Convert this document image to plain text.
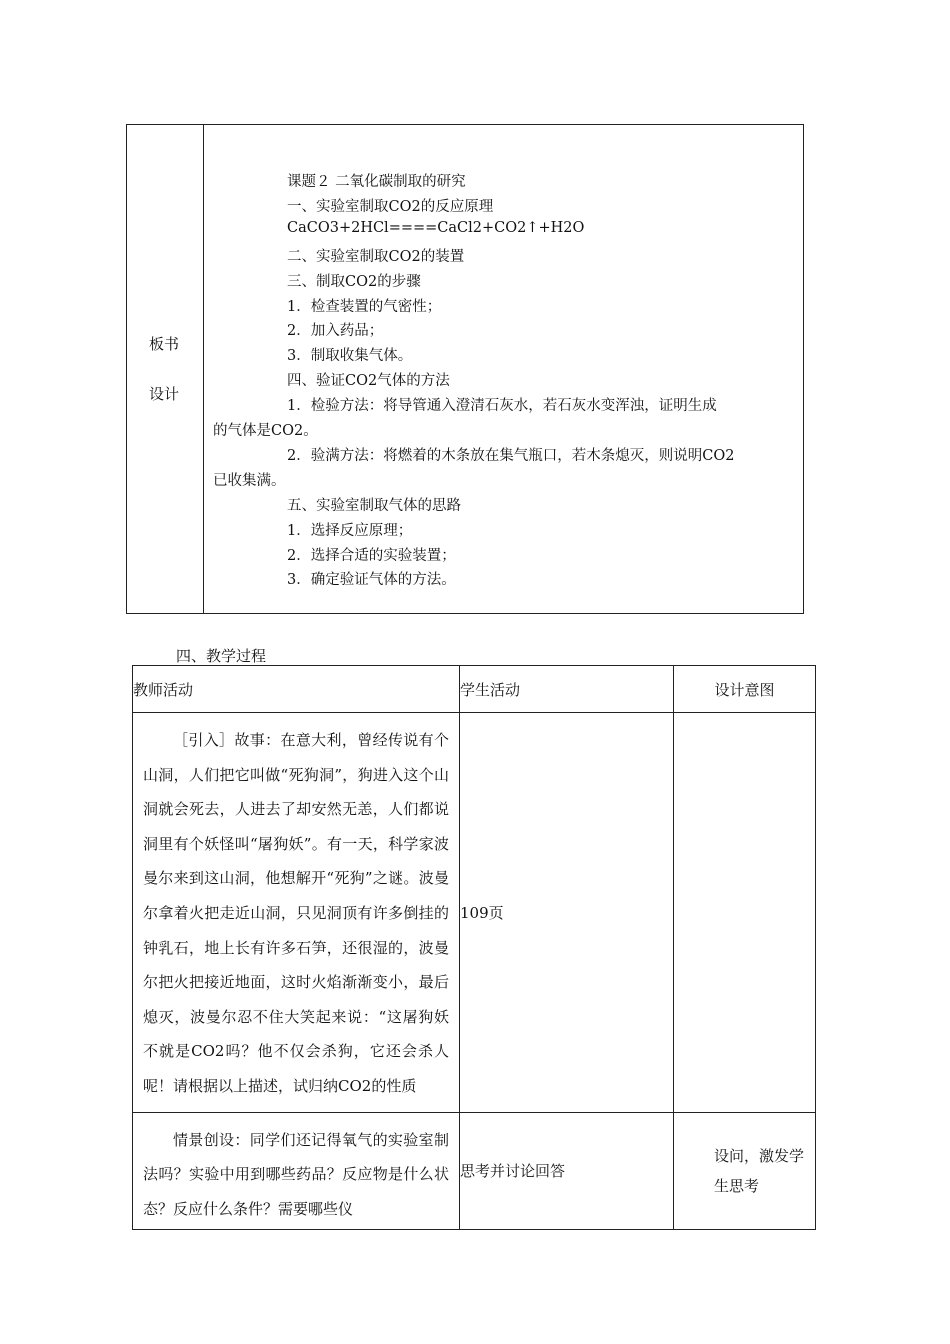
板书
设计
课题２ 二氧化碳制取的研究
一、实验室制取CO2的反应原理
CaCO3+2HCl====CaCl2+CO2↑+H2O
二、实验室制取CO2的装置
三、制取CO2的步骤
1．检查装置的气密性；
2．加入药品；
3．制取收集气体。
四、验证CO2气体的方法
1．检验方法：将导管通入澄清石灰水，若石灰水变浑浊，证明生成
的气体是CO2。
2．验满方法：将燃着的木条放在集气瓶口，若木条熄灭，则说明CO2
已收集满。
五、实验室制取气体的思路
1．选择反应原理；
2．选择合适的实验装置；
3．确定验证气体的方法。
四、教学过程
教师活动	学生活动	设计意图

［引入］故事：在意大利，曾经传说有个山洞，人们把它叫做“死狗洞”，狗进入这个山洞就会死去，人进去了却安然无恙，人们都说洞里有个妖怪叫“屠狗妖”。有一天，科学家波曼尔来到这山洞，他想解开“死狗”之谜。波曼尔拿着火把走近山洞，只见洞顶有许多倒挂的钟乳石，地上长有许多石笋，还很湿的，波曼尔把火把接近地面，这时火焰渐渐变小，最后熄灭，波曼尔忍不住大笑起来说：“这屠狗妖不就是CO2吗？他不仅会杀狗，它还会杀人呢！请根据以上描述，试归纳CO2的性质	109页	

情景创设：同学们还记得氧气的实验室制法吗？实验中用到哪些药品？反应物是什么状态？反应什么条件？需要哪些仪	思考并讨论回答	设问，激发学生思考
